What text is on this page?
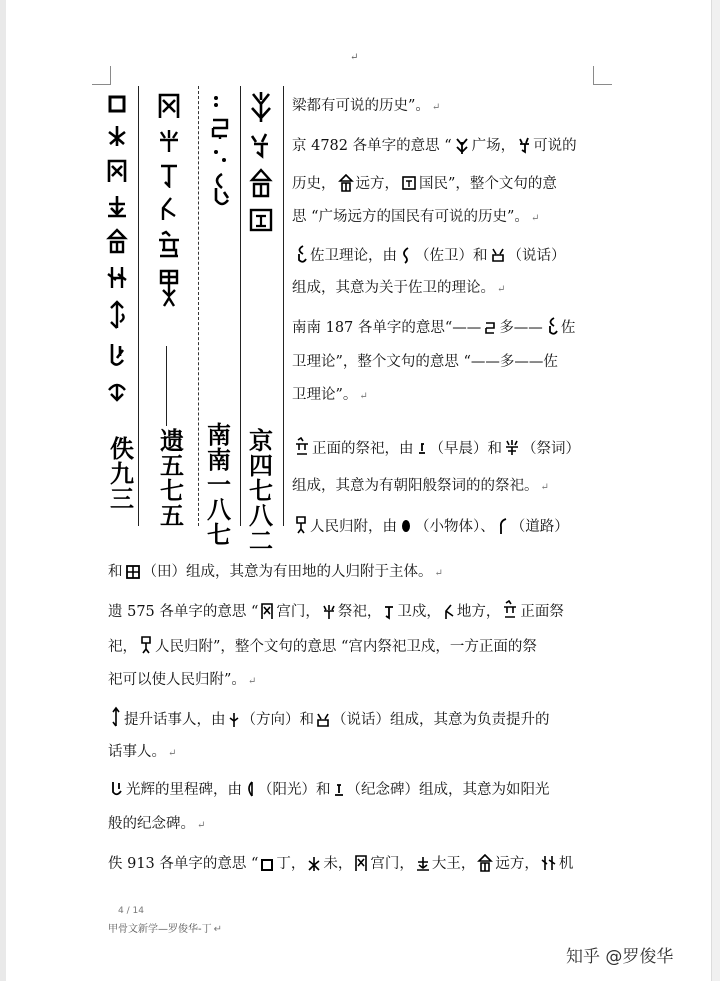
↵
佚
九
三
遗
五
七
五
南
南
一
八
七
京
四
七
八
二
梁都有可说的历史”。 ↵
京 4782 各单字的意思 “ 广场， 可说的
历史， 远方， 国民”，整个文句的意
思 “广场远方的国民有可说的历史”。 ↵
佐卫理论，由 （佐卫）和 （说话）
组成，其意为关于佐卫的理论。 ↵
南南 187 各单字的意思“—— 多—— 佐
卫理论”，整个文句的意思 “——多——佐
卫理论”。 ↵
正面的祭祀，由 （早晨）和 （祭词）
组成，其意为有朝阳般祭词的的祭祀。 ↵
人民归附，由 （小物体）、 （道路）
和 （田）组成，其意为有田地的人归附于主体。 ↵
遗 575 各单字的意思 “ 宫门， 祭祀， 卫戍， 地方， 正面祭
祀， 人民归附”，整个文句的意思 “宫内祭祀卫戍，一方正面的祭
祀可以使人民归附”。 ↵
提升话事人，由 （方向）和 （说话）组成，其意为负责提升的
话事人。 ↵
光辉的里程碑，由 （阳光）和 （纪念碑）组成，其意为如阳光
般的纪念碑。 ↵
佚 913 各单字的意思 “ 丁， 未， 宫门， 大王， 远方， 机
4 / 14
甲骨文新学—罗俊华-丁 ↵
知乎 @罗俊华
